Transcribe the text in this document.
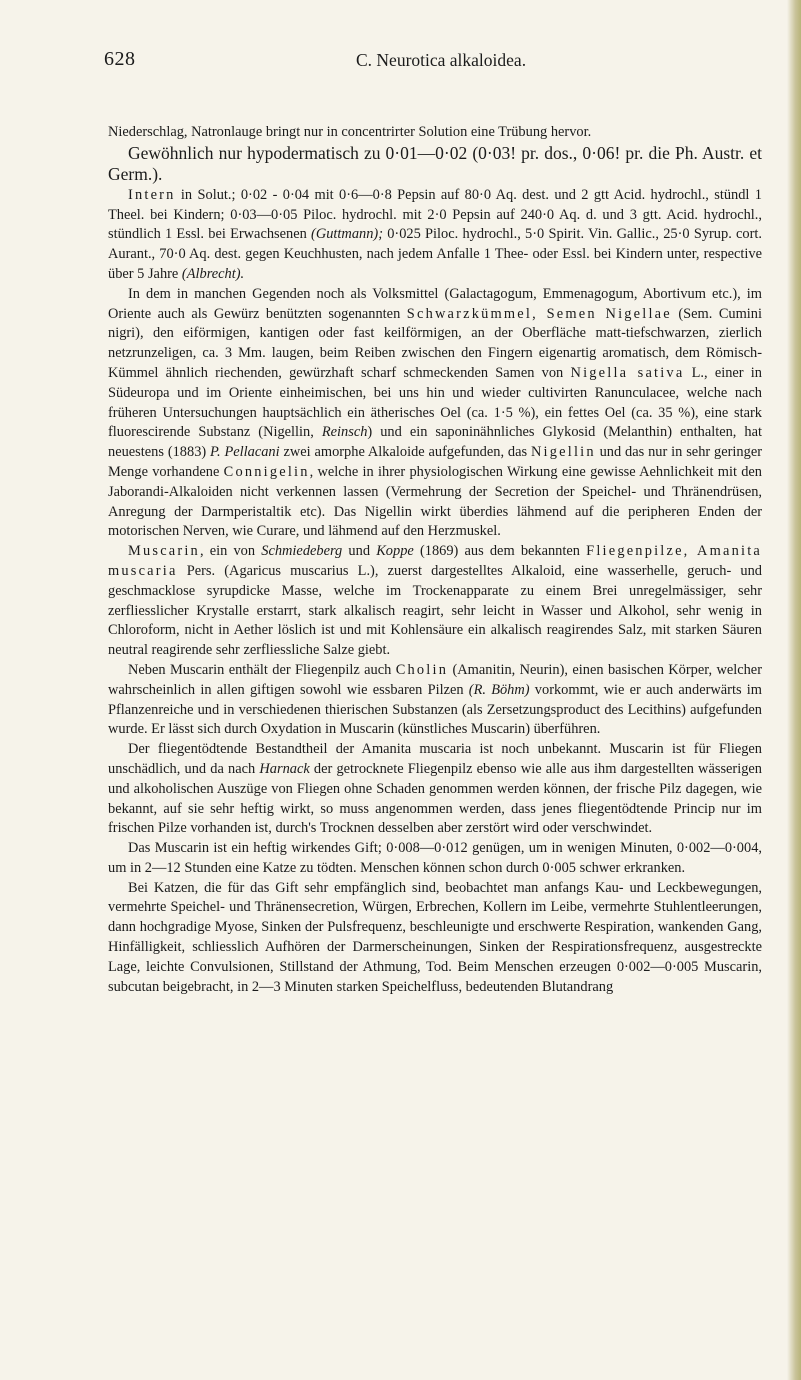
628	C. Neurotica alkaloidea.

Niederschlag, Natronlauge bringt nur in concentrirter Solution eine Trübung hervor.

Gewöhnlich nur hypodermatisch zu 0·01—0·02 (0·03! pr. dos., 0·06! pr. die Ph. Austr. et Germ.).

Intern in Solut.; 0·02 - 0·04 mit 0·6—0·8 Pepsin auf 80·0 Aq. dest. und 2 gtt Acid. hydrochl., stündl 1 Theel. bei Kindern; 0·03—0·05 Piloc. hydrochl. mit 2·0 Pepsin auf 240·0 Aq. d. und 3 gtt. Acid. hydrochl., stündlich 1 Essl. bei Erwachsenen (Guttmann); 0·025 Piloc. hydrochl., 5·0 Spirit. Vin. Gallic., 25·0 Syrup. cort. Aurant., 70·0 Aq. dest. gegen Keuchhusten, nach jedem Anfalle 1 Thee- oder Essl. bei Kindern unter, respective über 5 Jahre (Albrecht).

In dem in manchen Gegenden noch als Volksmittel (Galactagogum, Emmenagogum, Abortivum etc.), im Oriente auch als Gewürz benützten sogenannten Schwarzkümmel, Semen Nigellae (Sem. Cumini nigri), den eiförmigen, kantigen oder fast keilförmigen, an der Oberfläche matt-tiefschwarzen, zierlich netzrunzeligen, ca. 3 Mm. laugen, beim Reiben zwischen den Fingern eigenartig aromatisch, dem Römisch-Kümmel ähnlich riechenden, gewürzhaft scharf schmeckenden Samen von Nigella sativa L., einer in Südeuropa und im Oriente einheimischen, bei uns hin und wieder cultivirten Ranunculacee, welche nach früheren Untersuchungen hauptsächlich ein ätherisches Oel (ca. 1·5 %), ein fettes Oel (ca. 35 %), eine stark fluorescirende Substanz (Nigellin, Reinsch) und ein saponinähnliches Glykosid (Melanthin) enthalten, hat neuestens (1883) P. Pellacani zwei amorphe Alkaloide aufgefunden, das Nigellin und das nur in sehr geringer Menge vorhandene Connigelin, welche in ihrer physiologischen Wirkung eine gewisse Aehnlichkeit mit den Jaborandi-Alkaloiden nicht verkennen lassen (Vermehrung der Secretion der Speichel- und Thränendrüsen, Anregung der Darmperistaltik etc). Das Nigellin wirkt überdies lähmend auf die peripheren Enden der motorischen Nerven, wie Curare, und lähmend auf den Herzmuskel.

Muscarin, ein von Schmiedeberg und Koppe (1869) aus dem bekannten Fliegenpilze, Amanita muscaria Pers. (Agaricus muscarius L.), zuerst dargestelltes Alkaloid, eine wasserhelle, geruch- und geschmacklose syrupdicke Masse, welche im Trockenapparate zu einem Brei unregelmässiger, sehr zerfliesslicher Krystalle erstarrt, stark alkalisch reagirt, sehr leicht in Wasser und Alkohol, sehr wenig in Chloroform, nicht in Aether löslich ist und mit Kohlensäure ein alkalisch reagirendes Salz, mit starken Säuren neutral reagirende sehr zerfliessliche Salze giebt.

Neben Muscarin enthält der Fliegenpilz auch Cholin (Amanitin, Neurin), einen basischen Körper, welcher wahrscheinlich in allen giftigen sowohl wie essbaren Pilzen (R. Böhm) vorkommt, wie er auch anderwärts im Pflanzenreiche und in verschiedenen thierischen Substanzen (als Zersetzungsproduct des Lecithins) aufgefunden wurde. Er lässt sich durch Oxydation in Muscarin (künstliches Muscarin) überführen.

Der fliegentödtende Bestandtheil der Amanita muscaria ist noch unbekannt. Muscarin ist für Fliegen unschädlich, und da nach Harnack der getrocknete Fliegenpilz ebenso wie alle aus ihm dargestellten wässerigen und alkoholischen Auszüge von Fliegen ohne Schaden genommen werden können, der frische Pilz dagegen, wie bekannt, auf sie sehr heftig wirkt, so muss angenommen werden, dass jenes fliegentödtende Princip nur im frischen Pilze vorhanden ist, durch's Trocknen desselben aber zerstört wird oder verschwindet.

Das Muscarin ist ein heftig wirkendes Gift; 0·008—0·012 genügen, um in wenigen Minuten, 0·002—0·004, um in 2—12 Stunden eine Katze zu tödten. Menschen können schon durch 0·005 schwer erkranken.

Bei Katzen, die für das Gift sehr empfänglich sind, beobachtet man anfangs Kau- und Leckbewegungen, vermehrte Speichel- und Thränensecretion, Würgen, Erbrechen, Kollern im Leibe, vermehrte Stuhlentleerungen, dann hochgradige Myose, Sinken der Pulsfrequenz, beschleunigte und erschwerte Respiration, wankenden Gang, Hinfälligkeit, schliesslich Aufhören der Darmerscheinungen, Sinken der Respirationsfrequenz, ausgestreckte Lage, leichte Convulsionen, Stillstand der Athmung, Tod. Beim Menschen erzeugen 0·002—0·005 Muscarin, subcutan beigebracht, in 2—3 Minuten starken Speichelfluss, bedeutenden Blutandrang
